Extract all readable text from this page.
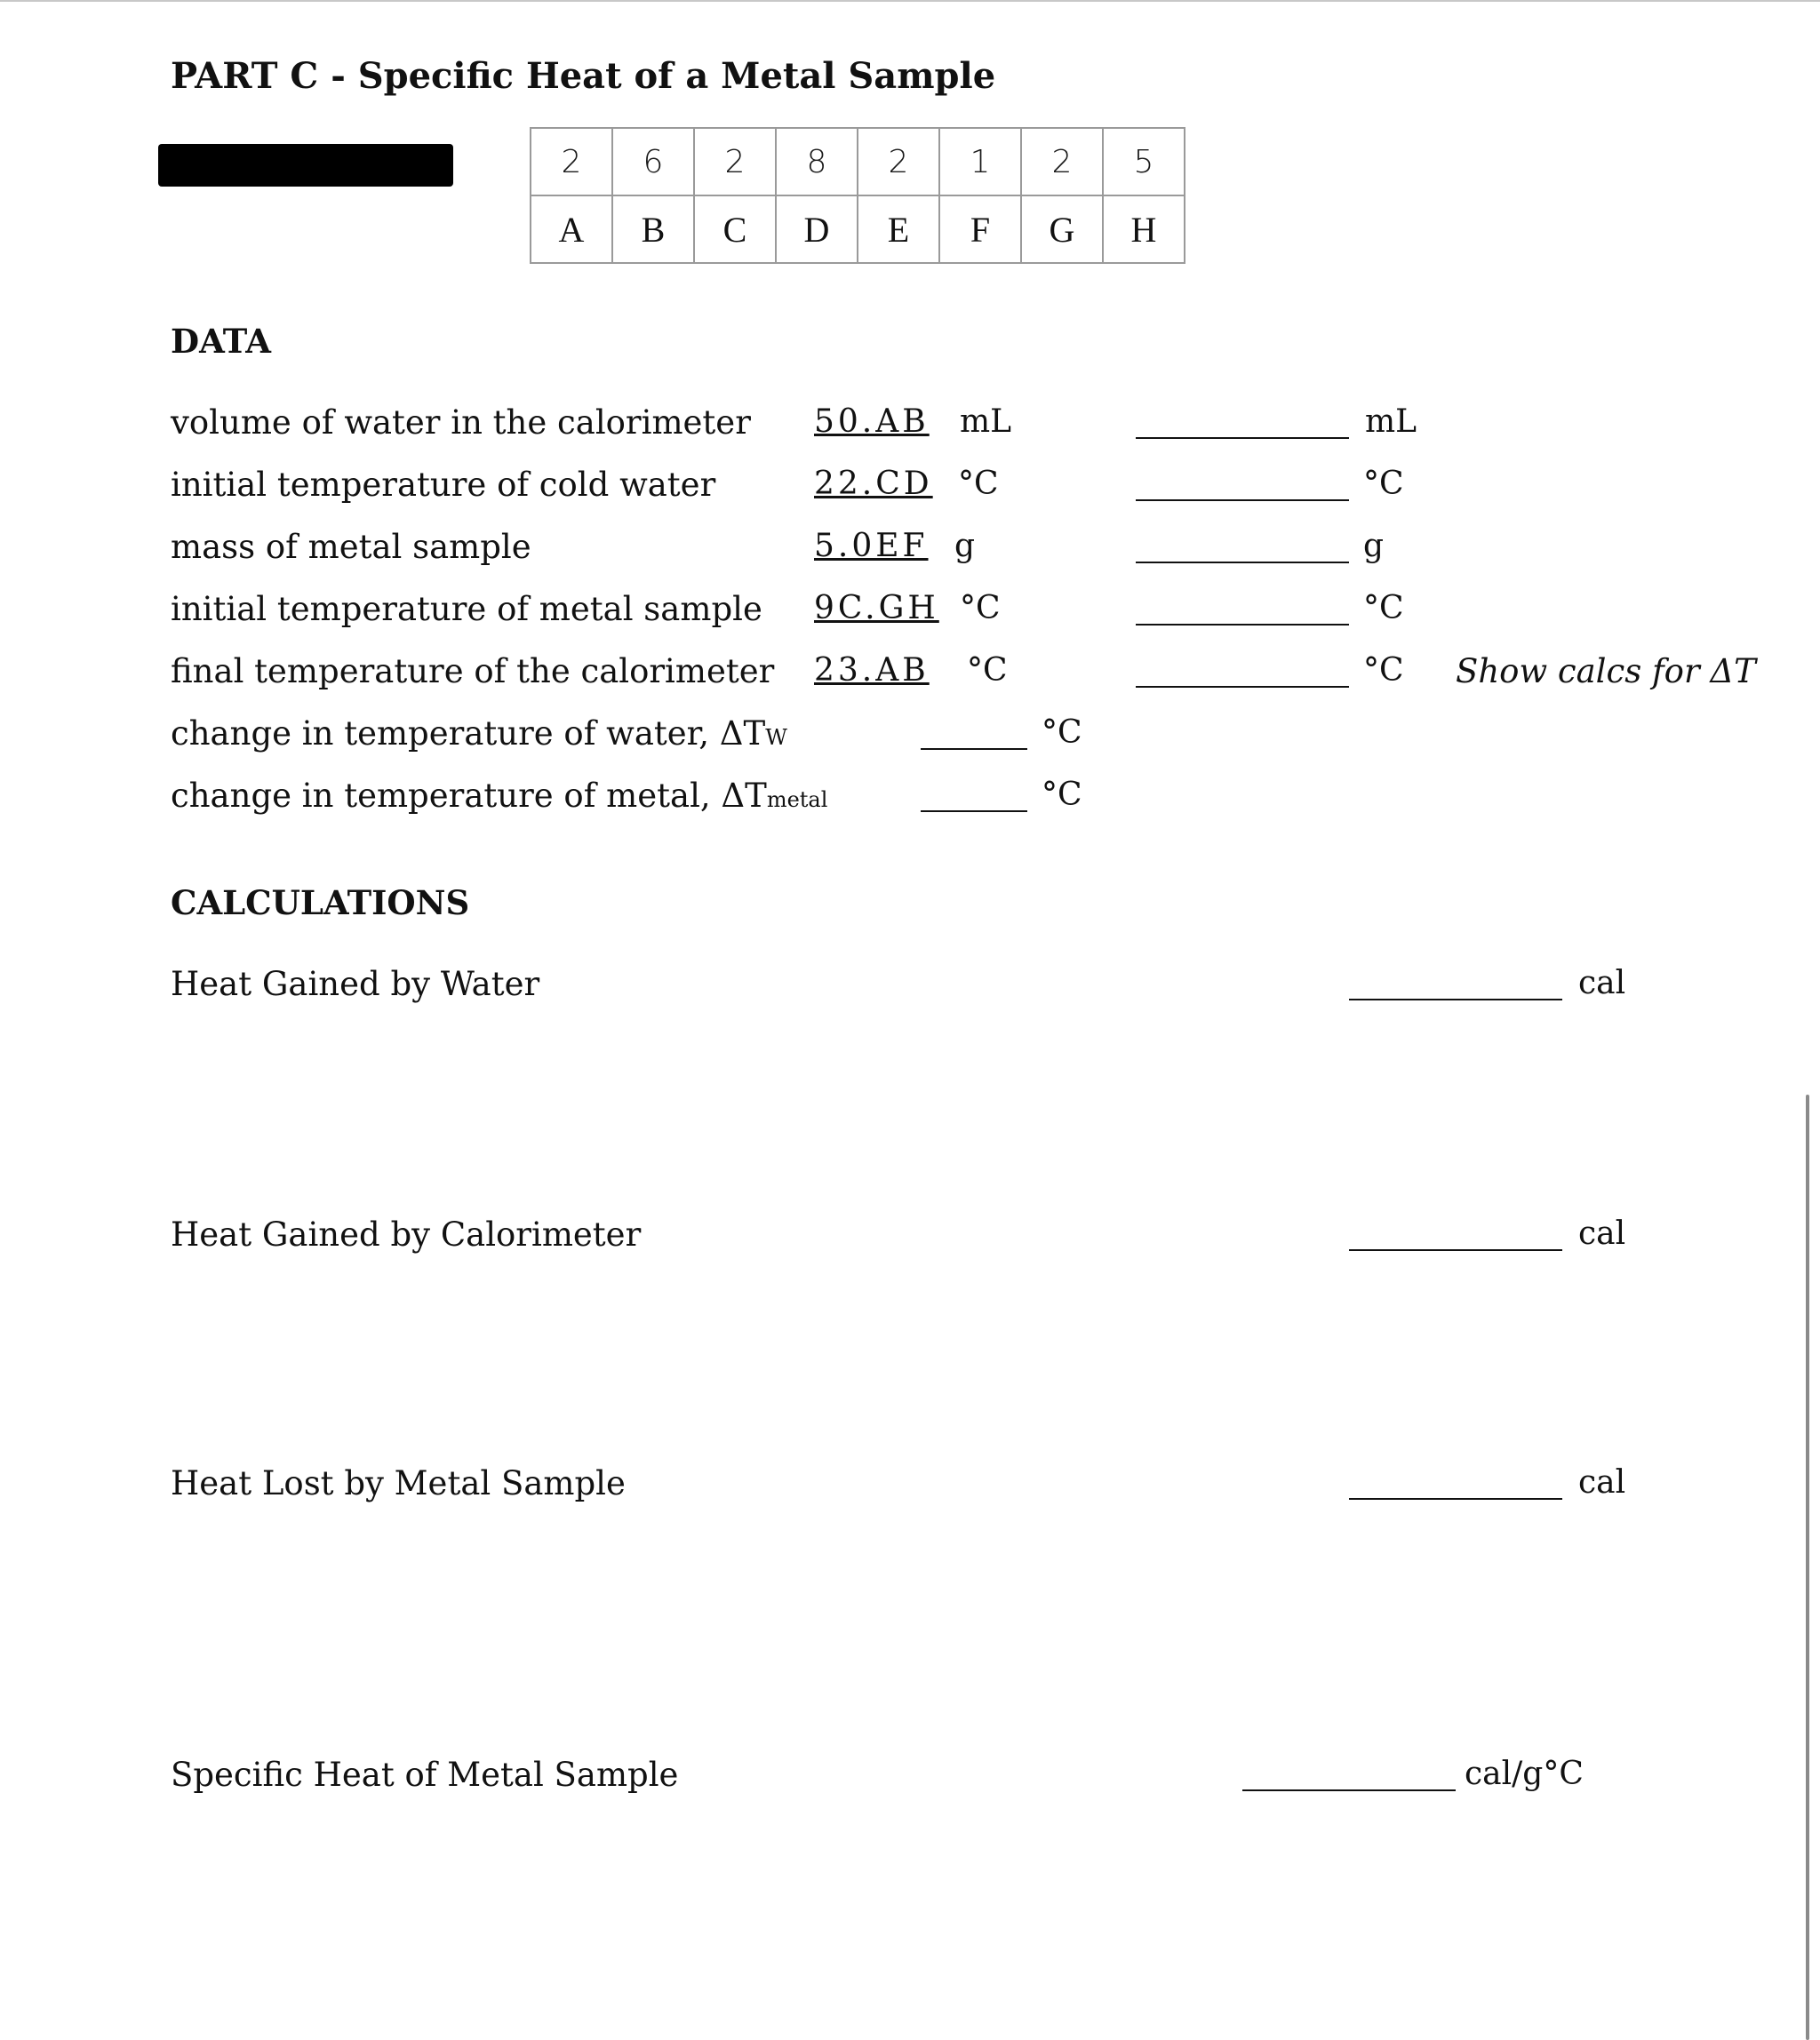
PART C - Specific Heat of a Metal Sample
2	6	2	8	2	1	2	5
A	B	C	D	E	F	G	H
DATA
volume of water in the calorimeter 50.AB mL	mL
initial temperature of cold water	22.CD °C	°C
mass of metal sample	5.0EF g	g
initial temperature of metal sample 9C.GH °C	°C
final temperature of the calorimeter 23.AB °C	°C Show calcs for ΔT
change in temperature of water, ΔTW	°C
change in temperature of metal, ΔTmetal	°C
CALCULATIONS
Heat Gained by Water	cal
Heat Gained by Calorimeter	cal
Heat Lost by Metal Sample	cal
Specific Heat of Metal Sample	cal/g°C
